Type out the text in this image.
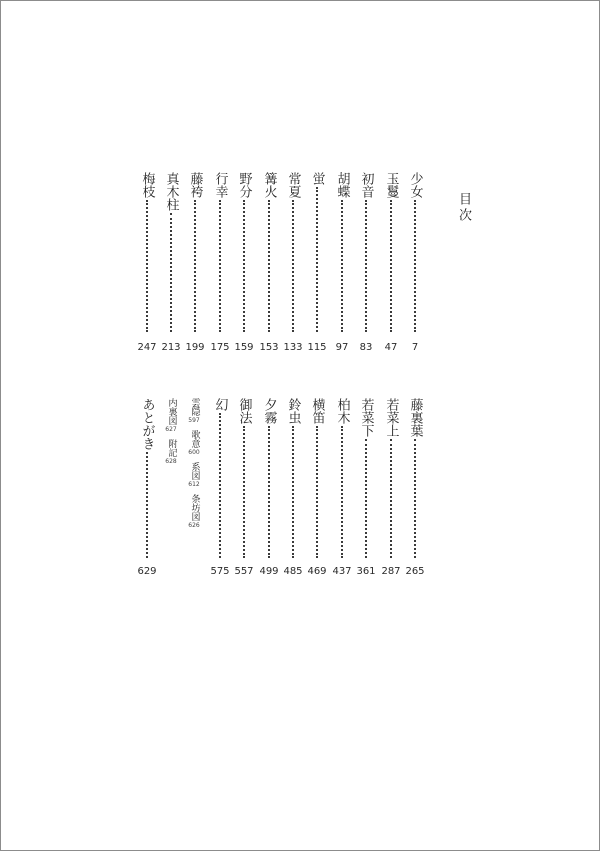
目次
少女
7
玉鬘
47
初音
83
胡蝶
97
蛍
115
常夏
133
篝火
153
野分
159
行幸
175
藤袴
199
真木柱
213
梅枝
247
藤裏葉
265
若菜上
287
若菜下
361
柏木
437
横笛
469
鈴虫
485
夕霧
499
御法
557
幻
575
雲隠
597
歌意
600
系図
612
条坊図
626
内裏図
627
附記
628
あとがき
629
